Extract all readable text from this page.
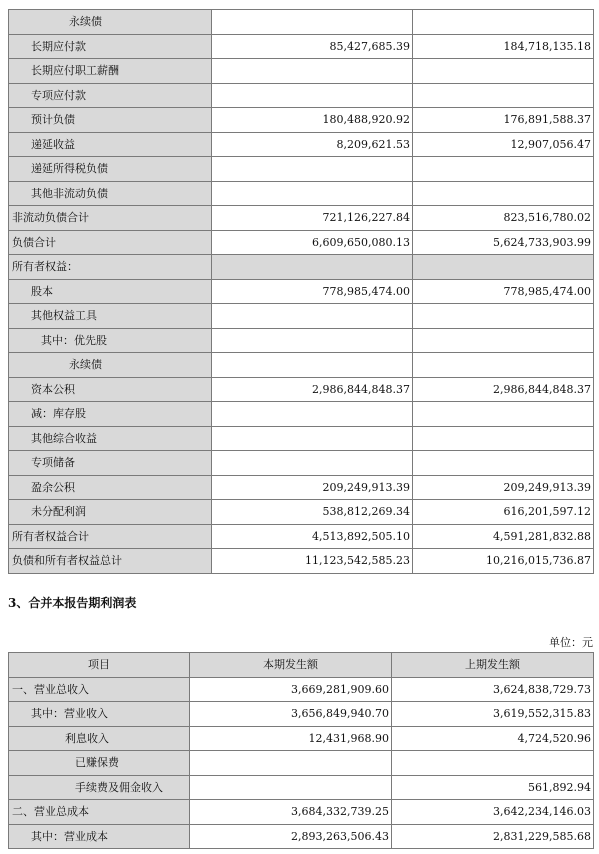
永续债		
长期应付款	85,427,685.39	184,718,135.18
长期应付职工薪酬		
专项应付款		
预计负债	180,488,920.92	176,891,588.37
递延收益	8,209,621.53	12,907,056.47
递延所得税负债		
其他非流动负债		
非流动负债合计	721,126,227.84	823,516,780.02
负债合计	6,609,650,080.13	5,624,733,903.99
所有者权益：		
股本	778,985,474.00	778,985,474.00
其他权益工具		
其中：优先股		
永续债		
资本公积	2,986,844,848.37	2,986,844,848.37
减：库存股		
其他综合收益		
专项储备		
盈余公积	209,249,913.39	209,249,913.39
未分配利润	538,812,269.34	616,201,597.12
所有者权益合计	4,513,892,505.10	4,591,281,832.88
负债和所有者权益总计	11,123,542,585.23	10,216,015,736.87

3、合并本报告期利润表

单位：元

项目	本期发生额	上期发生额
一、营业总收入	3,669,281,909.60	3,624,838,729.73
其中：营业收入	3,656,849,940.70	3,619,552,315.83
利息收入	12,431,968.90	4,724,520.96
已赚保费		
手续费及佣金收入		561,892.94
二、营业总成本	3,684,332,739.25	3,642,234,146.03
其中：营业成本	2,893,263,506.43	2,831,229,585.68
